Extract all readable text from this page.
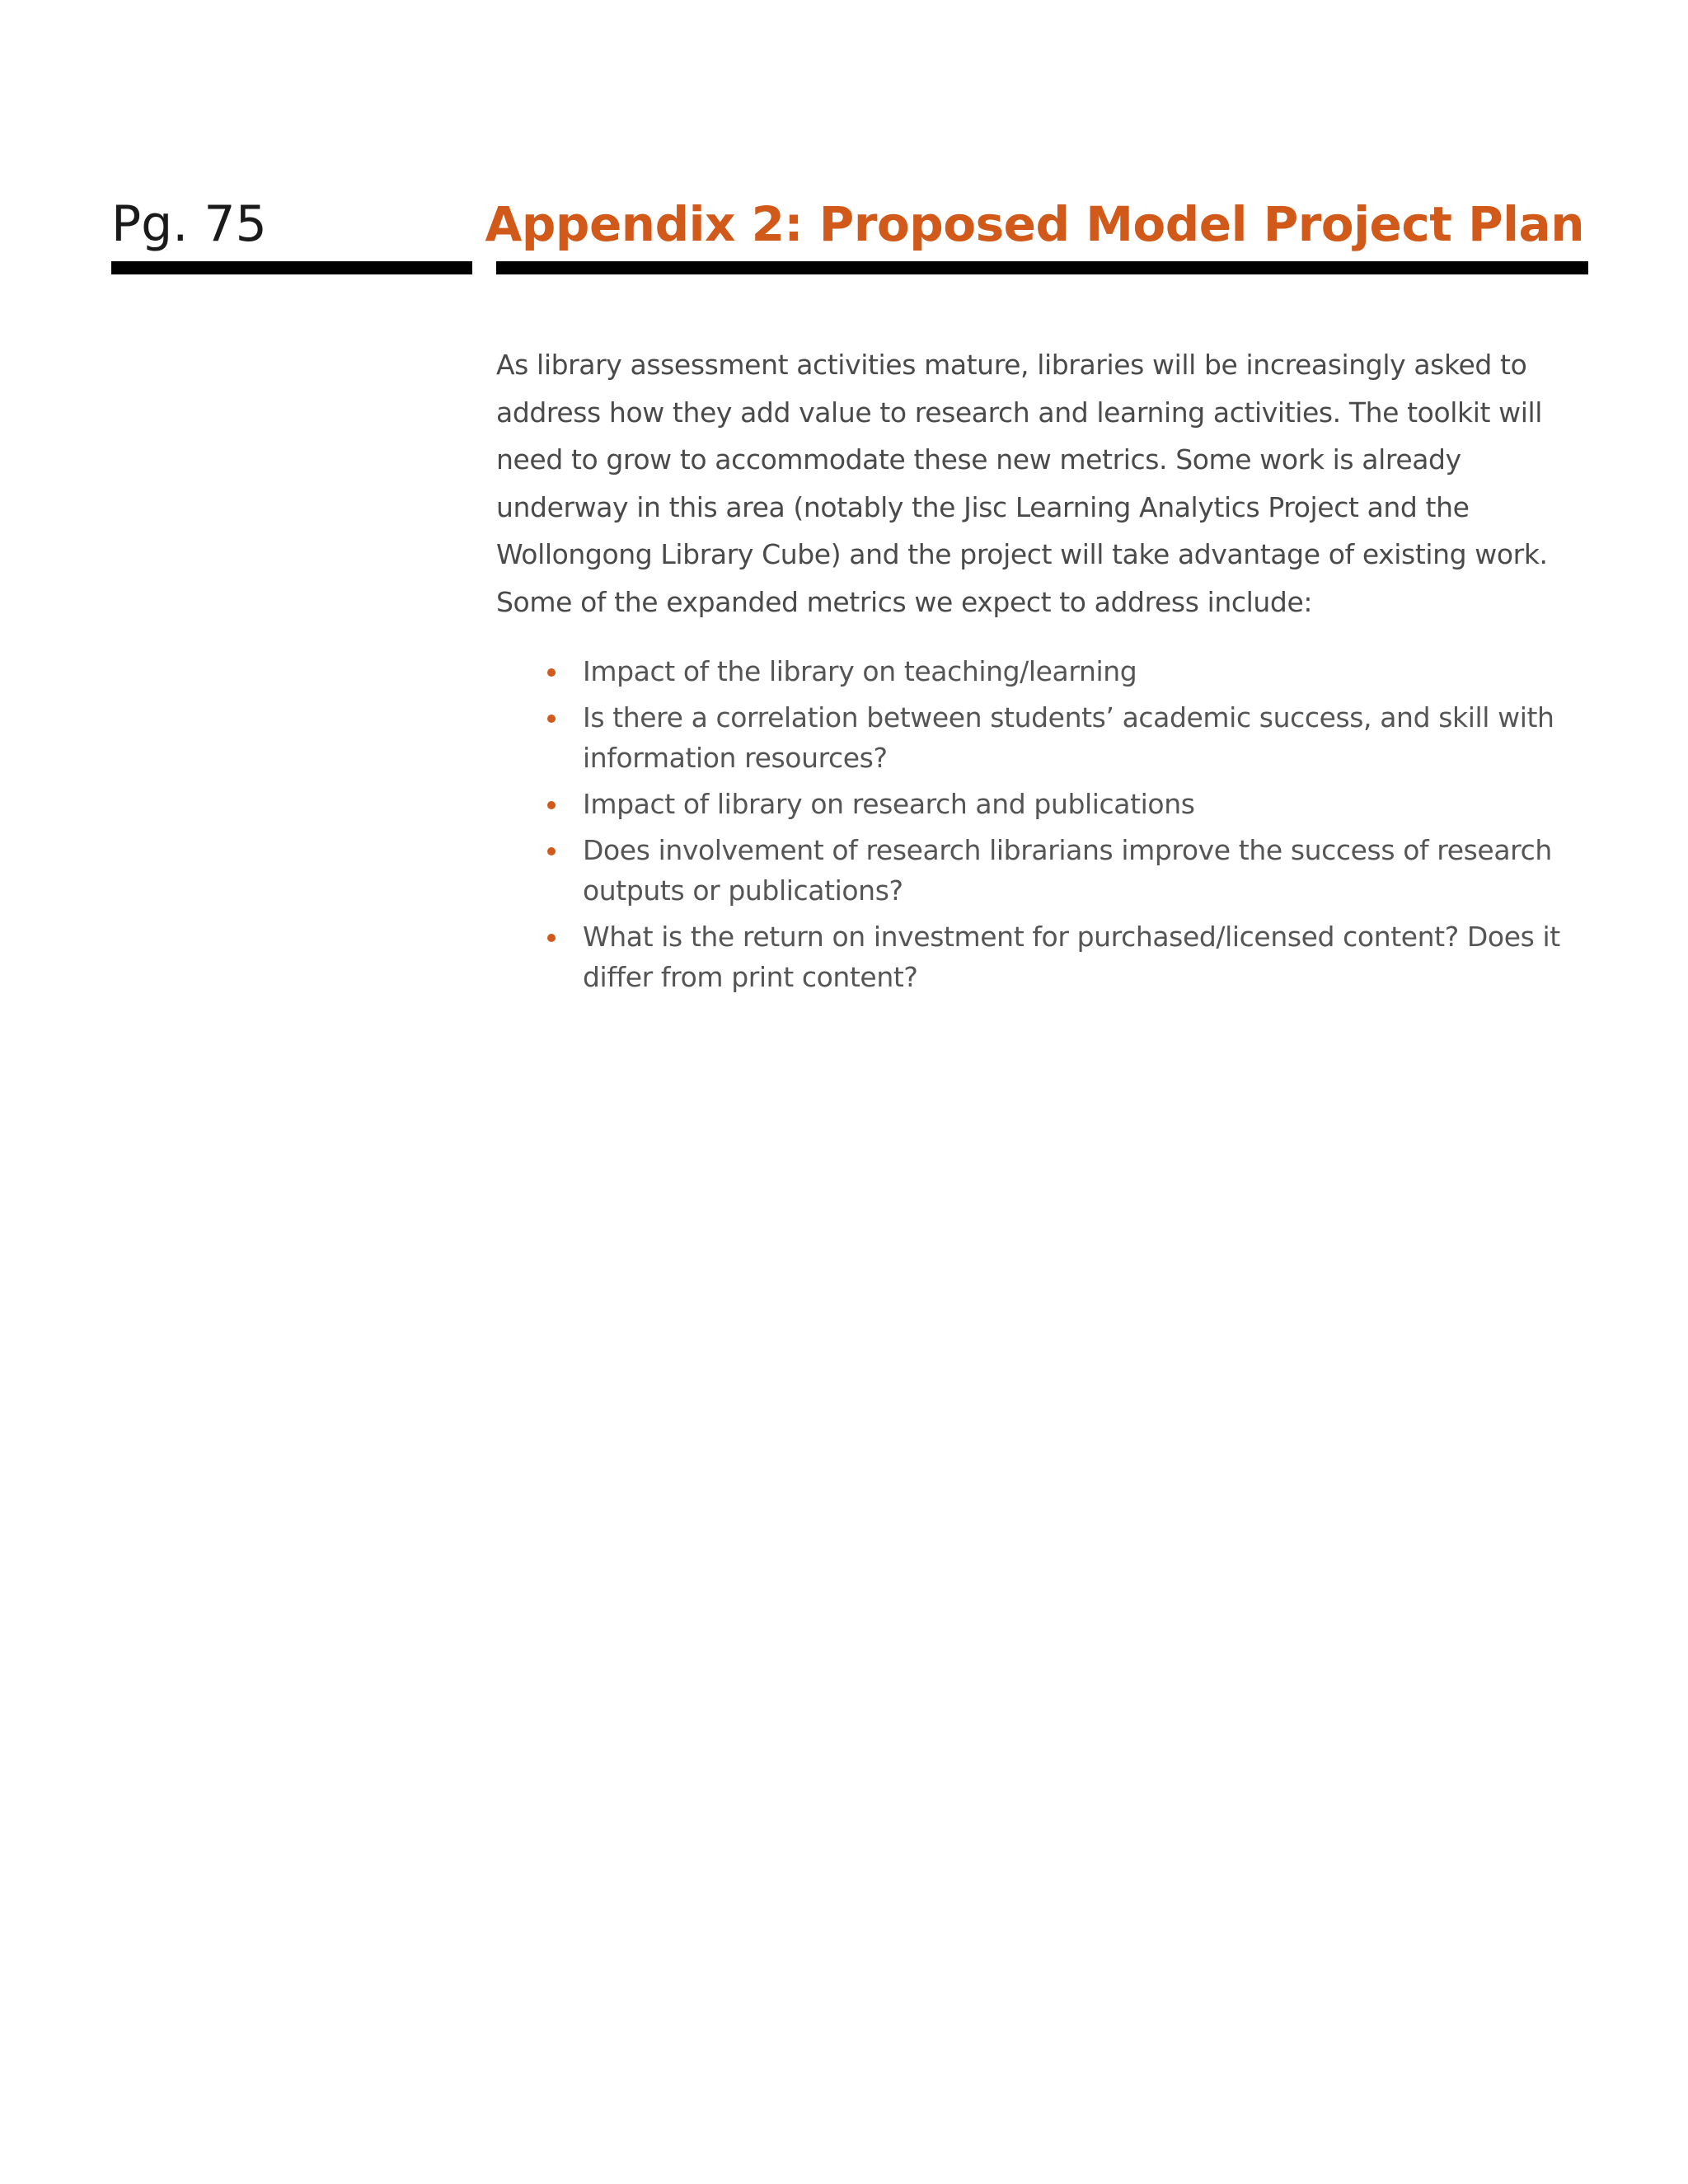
Pg. 75	Appendix 2: Proposed Model Project Plan

As library assessment activities mature, libraries will be increasingly asked to address how they add value to research and learning activities. The toolkit will need to grow to accommodate these new metrics. Some work is already underway in this area (notably the Jisc Learning Analytics Project and the Wollongong Library Cube) and the project will take advantage of existing work. Some of the expanded metrics we expect to address include:

Impact of the library on teaching/learning
Is there a correlation between students’ academic success, and skill with information resources?
Impact of library on research and publications
Does involvement of research librarians improve the success of research outputs or publications?
What is the return on investment for purchased/licensed content? Does it differ from print content?
